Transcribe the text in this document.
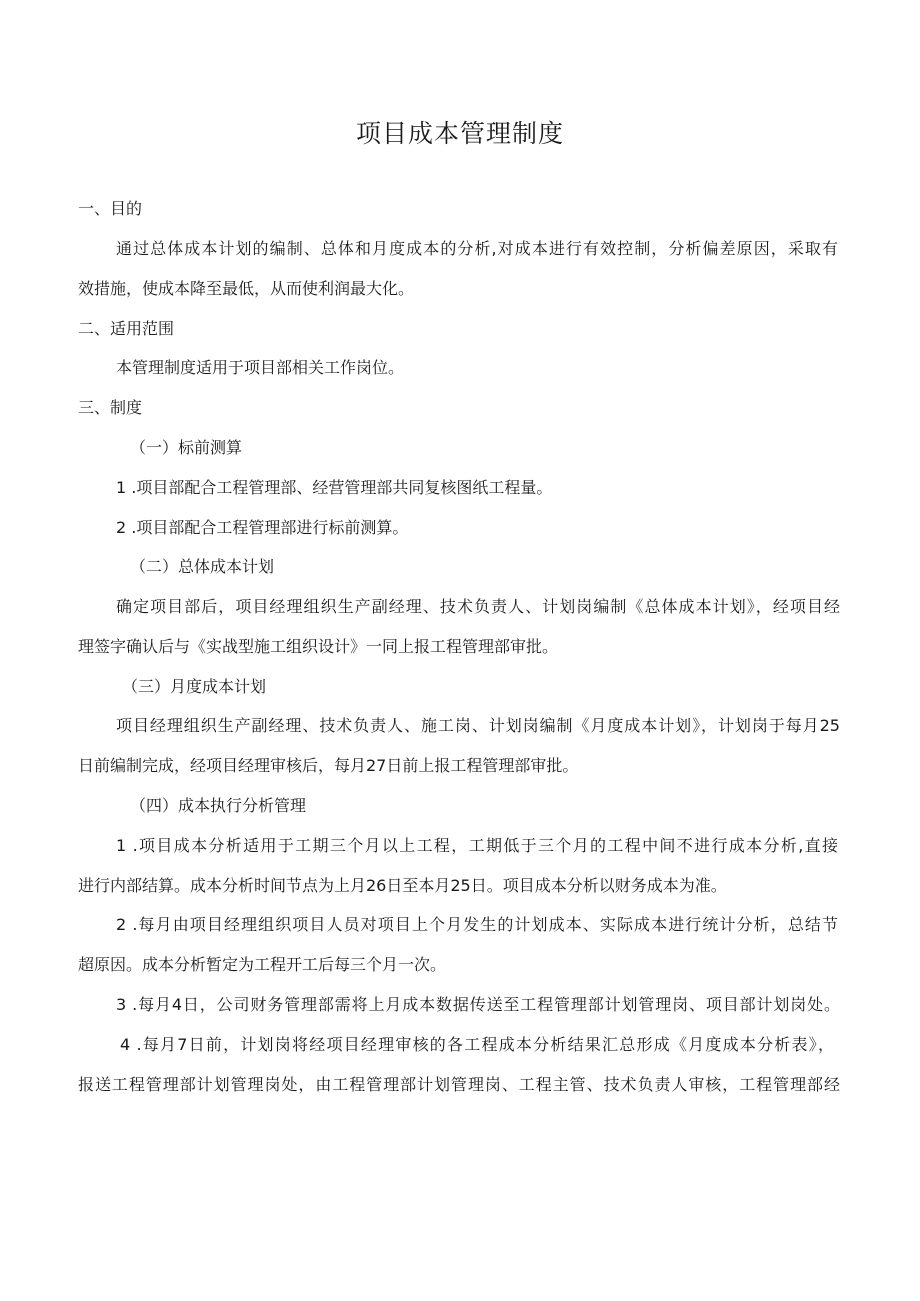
项目成本管理制度
一、目的
通过总体成本计划的编制、总体和月度成本的分析,对成本进行有效控制，分析偏差原因，采取有
效措施，使成本降至最低，从而使利润最大化。
二、适用范围
本管理制度适用于项目部相关工作岗位。
三、制度
（一）标前测算
1 .项目部配合工程管理部、经营管理部共同复核图纸工程量。
2 .项目部配合工程管理部进行标前测算。
（二）总体成本计划
确定项目部后，项目经理组织生产副经理、技术负责人、计划岗编制《总体成本计划》，经项目经
理签字确认后与《实战型施工组织设计》一同上报工程管理部审批。
（三）月度成本计划
项目经理组织生产副经理、技术负责人、施工岗、计划岗编制《月度成本计划》，计划岗于每月25
日前编制完成，经项目经理审核后，每月27日前上报工程管理部审批。
（四）成本执行分析管理
1 .项目成本分析适用于工期三个月以上工程，工期低于三个月的工程中间不进行成本分析,直接
进行内部结算。成本分析时间节点为上月26日至本月25日。项目成本分析以财务成本为准。
2 .每月由项目经理组织项目人员对项目上个月发生的计划成本、实际成本进行统计分析，总结节
超原因。成本分析暂定为工程开工后每三个月一次。
3 .每月4日，公司财务管理部需将上月成本数据传送至工程管理部计划管理岗、项目部计划岗处。
4 .每月7日前，计划岗将经项目经理审核的各工程成本分析结果汇总形成《月度成本分析表》，
报送工程管理部计划管理岗处，由工程管理部计划管理岗、工程主管、技术负责人审核，工程管理部经
